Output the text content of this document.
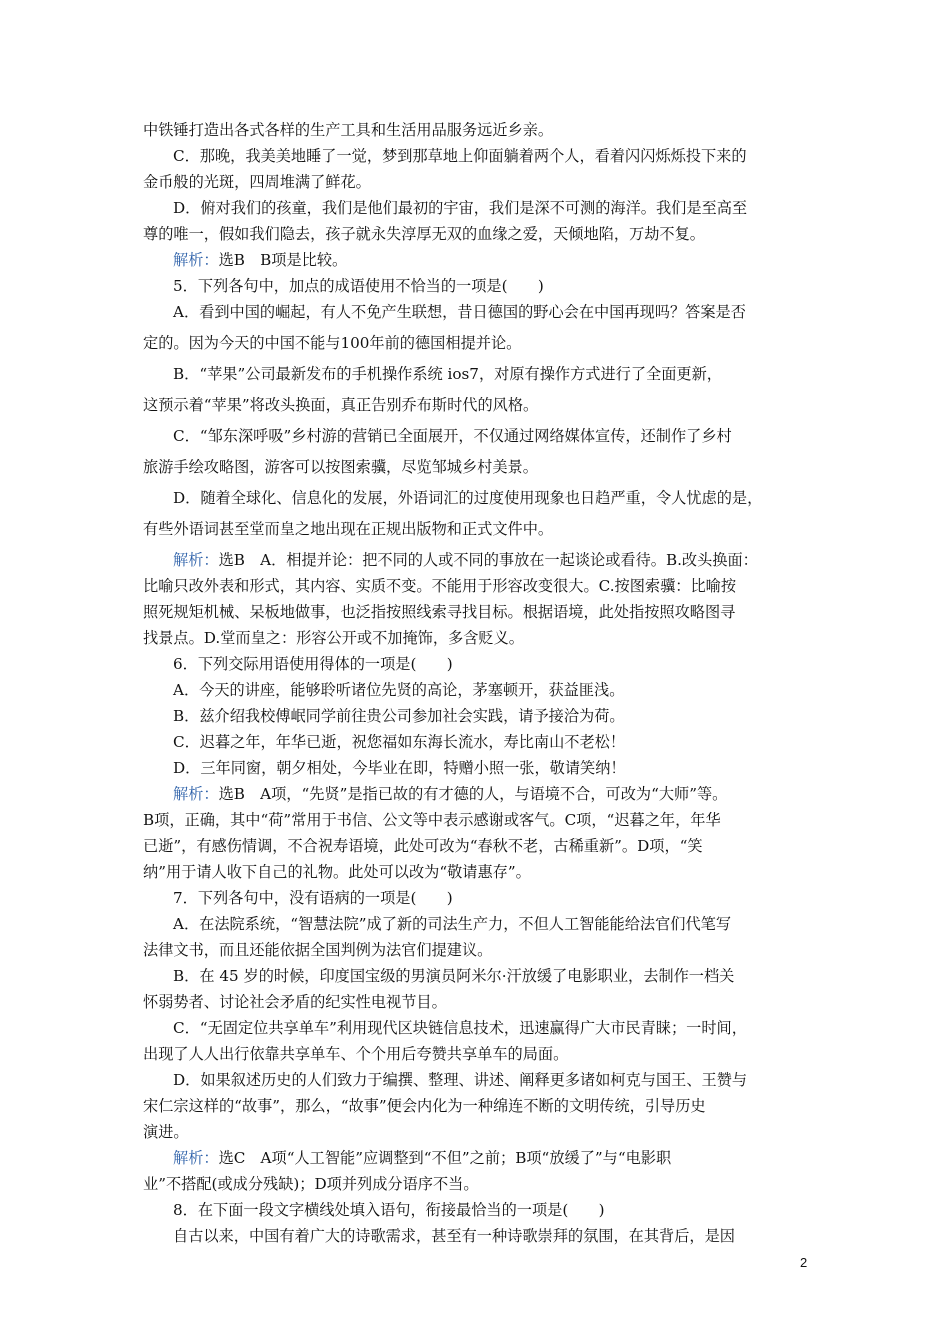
中铁锤打造出各式各样的生产工具和生活用品服务远近乡亲。
C．那晚，我美美地睡了一觉，梦到那草地上仰面躺着两个人，看着闪闪烁烁投下来的
金币般的光斑，四周堆满了鲜花。
D．俯对我们的孩童，我们是他们最初的宇宙，我们是深不可测的海洋。我们是至高至
尊的唯一，假如我们隐去，孩子就永失淳厚无双的血缘之爱，天倾地陷，万劫不复。
解析：选B　B项是比较。
5．下列各句中，加点的成语使用不恰当的一项是(　　)
A．看到中国的崛起，有人不免产生联想，昔日德国的野心会在中国再现吗？答案是否
定的。因为今天的中国不能与100年前的德国相提并论。
B．“苹果”公司最新发布的手机操作系统 ios7，对原有操作方式进行了全面更新，
这预示着“苹果”将改头换面，真正告别乔布斯时代的风格。
C．“邹东深呼吸”乡村游的营销已全面展开，不仅通过网络媒体宣传，还制作了乡村
旅游手绘攻略图，游客可以按图索骥，尽览邹城乡村美景。
D．随着全球化、信息化的发展，外语词汇的过度使用现象也日趋严重，令人忧虑的是，
有些外语词甚至堂而皇之地出现在正规出版物和正式文件中。
解析：选B　A．相提并论：把不同的人或不同的事放在一起谈论或看待。B.改头换面：
比喻只改外表和形式，其内容、实质不变。不能用于形容改变很大。C.按图索骥：比喻按
照死规矩机械、呆板地做事，也泛指按照线索寻找目标。根据语境，此处指按照攻略图寻
找景点。D.堂而皇之：形容公开或不加掩饰，多含贬义。
6．下列交际用语使用得体的一项是(　　)
A．今天的讲座，能够聆听诸位先贤的高论，茅塞顿开，获益匪浅。
B．兹介绍我校傅岷同学前往贵公司参加社会实践，请予接洽为荷。
C．迟暮之年，年华已逝，祝您福如东海长流水，寿比南山不老松！
D．三年同窗，朝夕相处，今毕业在即，特赠小照一张，敬请笑纳！
解析：选B　A项，“先贤”是指已故的有才德的人，与语境不合，可改为“大师”等。
B项，正确，其中“荷”常用于书信、公文等中表示感谢或客气。C项，“迟暮之年，年华
已逝”，有感伤情调，不合祝寿语境，此处可改为“春秋不老，古稀重新”。D项，“笑
纳”用于请人收下自己的礼物。此处可以改为“敬请惠存”。
7．下列各句中，没有语病的一项是(　　)
A．在法院系统，“智慧法院”成了新的司法生产力，不但人工智能能给法官们代笔写
法律文书，而且还能依据全国判例为法官们提建议。
B．在 45 岁的时候，印度国宝级的男演员阿米尔·汗放缓了电影职业，去制作一档关
怀弱势者、讨论社会矛盾的纪实性电视节目。
C．“无固定位共享单车”利用现代区块链信息技术，迅速赢得广大市民青睐；一时间，
出现了人人出行依靠共享单车、个个用后夸赞共享单车的局面。
D．如果叙述历史的人们致力于编撰、整理、讲述、阐释更多诸如柯克与国王、王赞与
宋仁宗这样的“故事”，那么，“故事”便会内化为一种绵连不断的文明传统，引导历史
演进。
解析：选C　A项“人工智能”应调整到“不但”之前；B项“放缓了”与“电影职
业”不搭配(或成分残缺)；D项并列成分语序不当。
8．在下面一段文字横线处填入语句，衔接最恰当的一项是(　　)
自古以来，中国有着广大的诗歌需求，甚至有一种诗歌崇拜的氛围，在其背后，是因
2
